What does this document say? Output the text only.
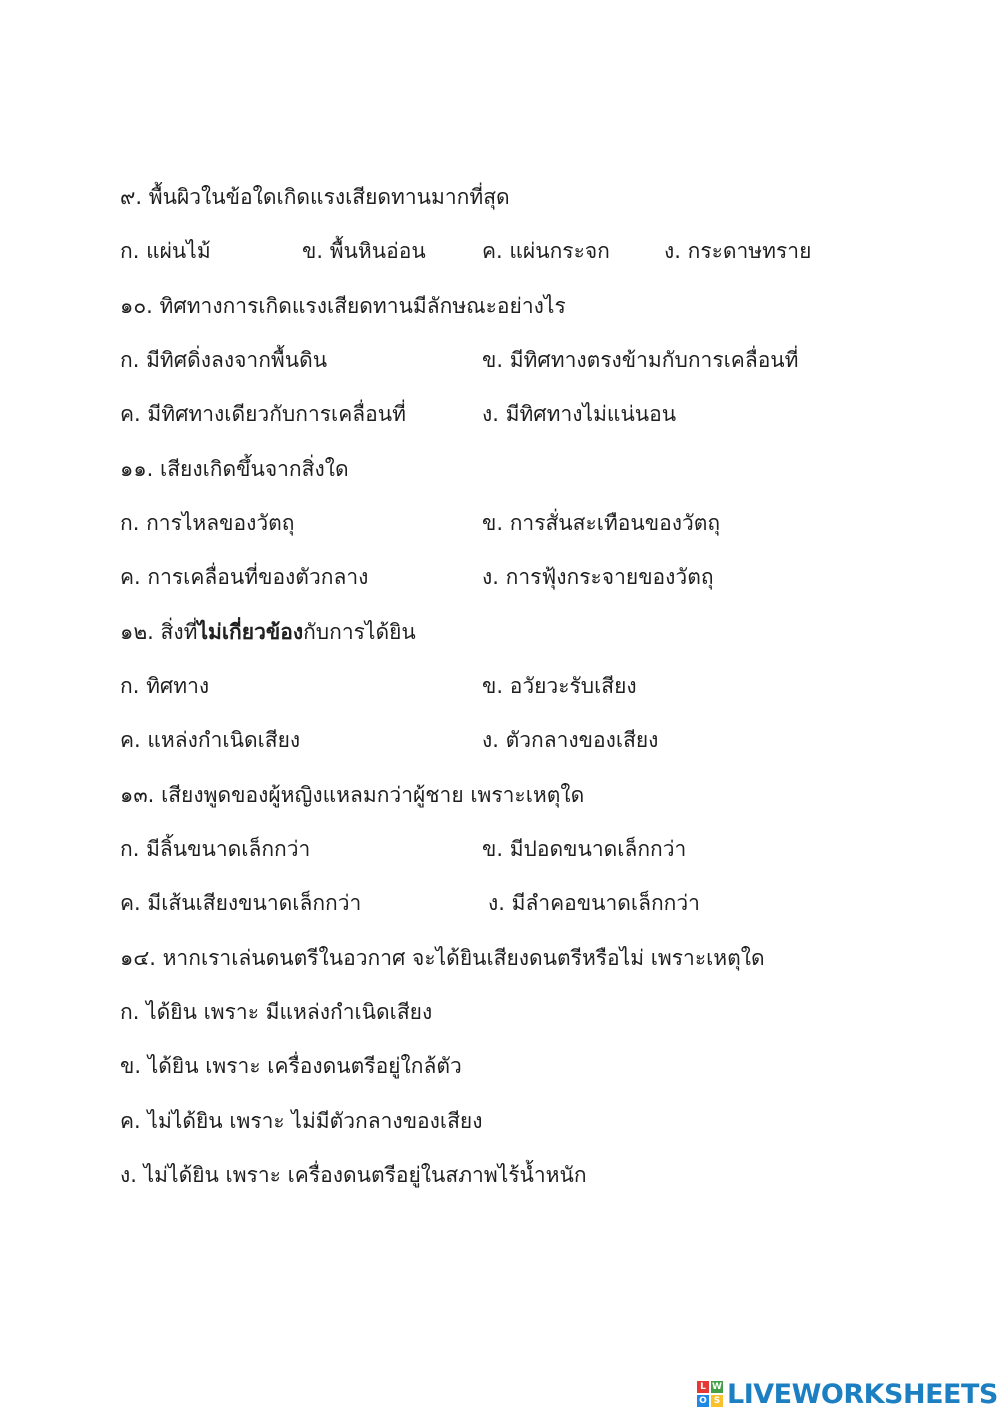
๙. พื้นผิวในข้อใดเกิดแรงเสียดทานมากที่สุด
ก. แผ่นไม้	ข. พื้นหินอ่อน	ค. แผ่นกระจก	ง. กระดาษทราย
๑๐. ทิศทางการเกิดแรงเสียดทานมีลักษณะอย่างไร
ก. มีทิศดิ่งลงจากพื้นดิน	ข. มีทิศทางตรงข้ามกับการเคลื่อนที่
ค. มีทิศทางเดียวกับการเคลื่อนที่	ง. มีทิศทางไม่แน่นอน
๑๑. เสียงเกิดขึ้นจากสิ่งใด
ก. การไหลของวัตถุ	ข. การสั่นสะเทือนของวัตถุ
ค. การเคลื่อนที่ของตัวกลาง	ง. การฟุ้งกระจายของวัตถุ
๑๒. สิ่งที่ไม่เกี่ยวข้องกับการได้ยิน
ก. ทิศทาง	ข. อวัยวะรับเสียง
ค. แหล่งกำเนิดเสียง	ง. ตัวกลางของเสียง
๑๓. เสียงพูดของผู้หญิงแหลมกว่าผู้ชาย เพราะเหตุใด
ก. มีลิ้นขนาดเล็กกว่า	ข. มีปอดขนาดเล็กกว่า
ค. มีเส้นเสียงขนาดเล็กกว่า	ง. มีลำคอขนาดเล็กกว่า
๑๔. หากเราเล่นดนตรีในอวกาศ จะได้ยินเสียงดนตรีหรือไม่ เพราะเหตุใด
ก. ได้ยิน เพราะ มีแหล่งกำเนิดเสียง
ข. ได้ยิน เพราะ เครื่องดนตรีอยู่ใกล้ตัว
ค. ไม่ได้ยิน เพราะ ไม่มีตัวกลางของเสียง
ง. ไม่ได้ยิน เพราะ เครื่องดนตรีอยู่ในสภาพไร้น้ำหนัก
L W
O S LIVEWORKSHEETS
